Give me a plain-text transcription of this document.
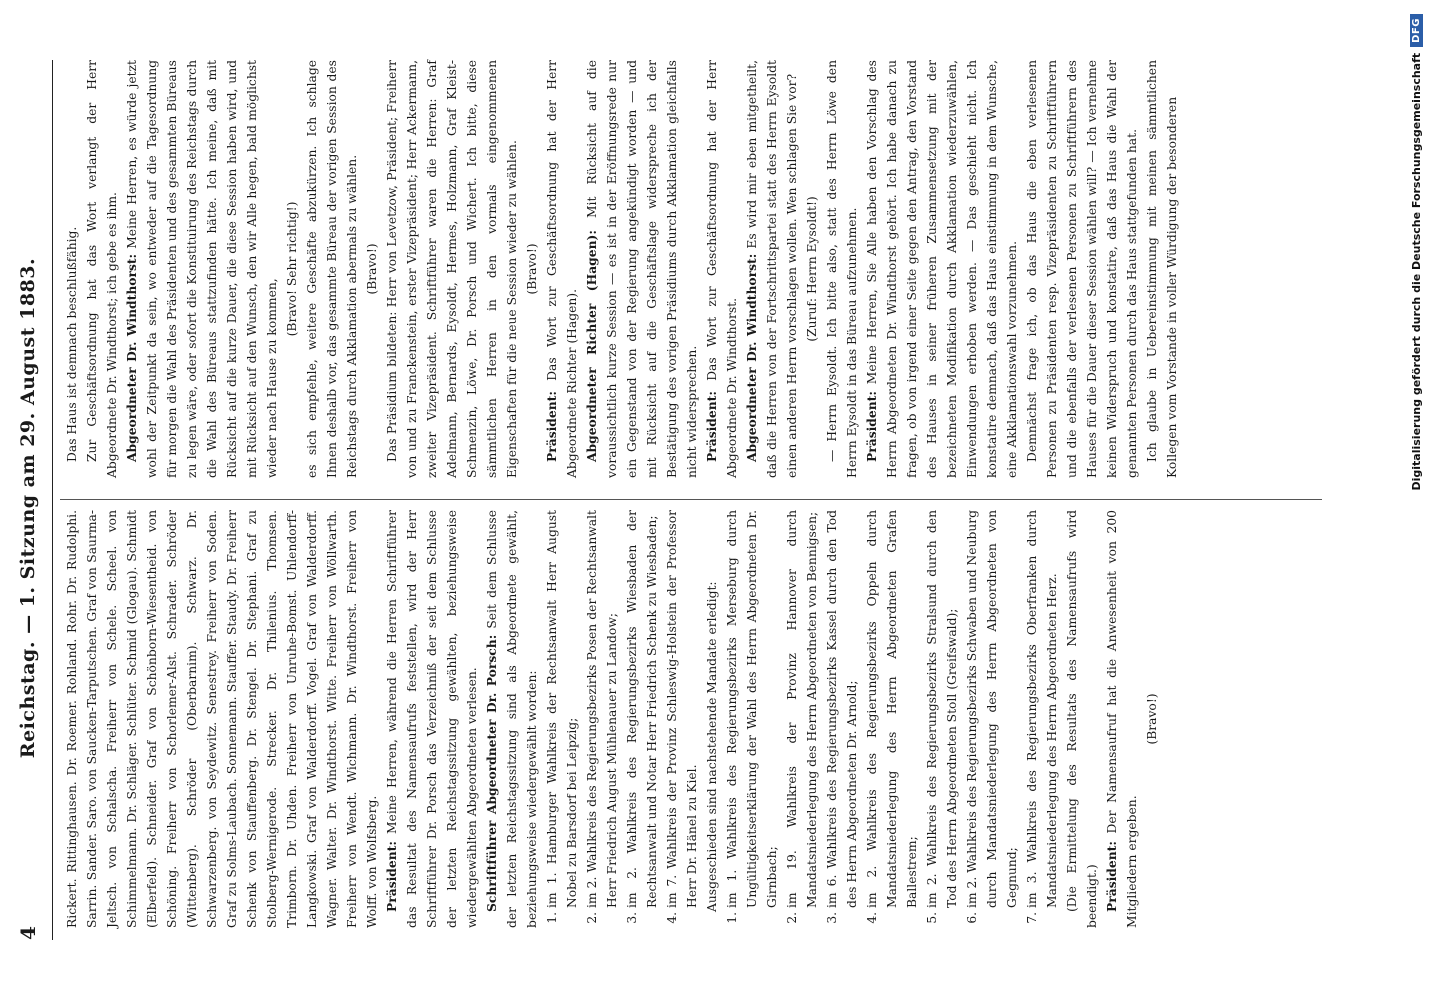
4
Reichstag. — 1. Sitzung am 29. August 1883. Rickert. Rittinghausen. Dr. Roemer. Rohland. Rohr. Dr. Rudolphi. Sarrin. Sander. Saro. von Saucken-Tarputschen. Graf von Saurma-Jeltsch. von Schalscha. Freiherr von Schele. Scheel. von Schimmelmann. Dr. Schläger. Schlüter. Schmid (Glogau). Schmidt (Elberfeld). Schneider. Graf von Schönborn-Wiesentheid. von Schöning. Freiherr von Schorlemer-Alst. Schrader. Schröder (Wittenberg). Schröder (Oberbarnim). Schwarz. Dr. Schwarzenberg. von Seydewitz. Senestrey. Freiherr von Soden. Graf zu Solms-Laubach. Sonnemann. Stauffer. Staudy. Dr. Freiherr Schenk von Stauffenberg. Dr. Stengel. Dr. Stephani. Graf zu Stolberg-Wernigerode. Strecker. Dr. Thilenius. Thomsen. Trimborn. Dr. Uhden. Freiherr von Unruhe-Bomst. Uhlendorff-Langkowski. Graf von Walderdorff. Vogel. Graf von Walderdorff. Wagner. Walter. Dr. Windthorst. Witte. Freiherr von Wöllwarth. Freiherr von Wendt. Wichmann. Dr. Windthorst. Freiherr von Wolff. von Wolfsberg. Präsident: Meine Herren, während die Herren Schriftführer das Resultat des Namensaufrufs feststellen, wird der Herr Schriftführer Dr. Porsch das Verzeichniß der seit dem Schlusse der letzten Reichstagssitzung gewählten, beziehungsweise wiedergewählten Abgeordneten verlesen. Schriftführer Abgeordneter Dr. Porsch: Seit dem Schlusse der letzten Reichstagssitzung sind als Abgeordnete gewählt, beziehungsweise wiedergewählt worden: 1. im 1. Hamburger Wahlkreis der Rechtsanwalt Herr August Nobel zu Barsdorf bei Leipzig; 2. im 2. Wahlkreis des Regierungsbezirks Posen der Rechtsanwalt Herr Friedrich August Mühlenauer zu Landow; 3. im 2. Wahlkreis des Regierungsbezirks Wiesbaden der Rechtsanwalt und Notar Herr Friedrich Schenk zu Wiesbaden; 4. im 7. Wahlkreis der Provinz Schleswig-Holstein der Professor Herr Dr. Hänel zu Kiel. Ausgeschieden sind nachstehende Mandate erledigt: 1. im 1. Wahlkreis des Regierungsbezirks Merseburg durch Ungültigkeitserklärung der Wahl des Herrn Abgeordneten Dr. Girnbach; 2. im 19. Wahlkreis der Provinz Hannover durch Mandatsniederlegung des Herrn Abgeordneten von Bennigsen; 3. im 6. Wahlkreis des Regierungsbezirks Kassel durch den Tod des Herrn Abgeordneten Dr. Arnold; 4. im 2. Wahlkreis des Regierungsbezirks Oppeln durch Mandatsniederlegung des Herrn Abgeordneten Grafen Ballestrem; 5. im 2. Wahlkreis des Regierungsbezirks Stralsund durch den Tod des Herrn Abgeordneten Stoll (Greifswald); 6. im 2. Wahlkreis des Regierungsbezirks Schwaben und Neuburg durch Mandatsniederlegung des Herrn Abgeordneten von Gegnund; 7. im 3. Wahlkreis des Regierungsbezirks Oberfranken durch Mandatsniederlegung des Herrn Abgeordneten Herz. (Die Ermittelung des Resultats des Namensaufrufs wird beendigt.) Präsident: Der Namensaufruf hat die Anwesenheit von 200 Mitgliedern ergeben.

(Bravo!)

Das Haus ist demnach beschlußfähig. Zur Geschäftsordnung hat das Wort verlangt der Herr Abgeordnete Dr. Windthorst; ich gebe es ihm. Abgeordneter Dr. Windthorst: Meine Herren, es würde jetzt wohl der Zeitpunkt da sein, wo entweder auf die Tagesordnung für morgen die Wahl des Präsidenten und des gesammten Büreaus zu legen wäre, oder sofort die Konstituirung des Reichstags durch die Wahl des Büreaus stattzufinden hätte. Ich meine, daß mit Rücksicht auf die kurze Dauer, die diese Session haben wird, und mit Rücksicht auf den Wunsch, den wir Alle hegen, bald möglichst wieder nach Hause zu kommen,

(Bravo! Sehr richtig!) es sich empfehle, weitere Geschäfte abzukürzen. Ich schlage Ihnen deshalb vor, das gesammte Büreau der vorigen Session des Reichstags durch Akklamation abermals zu wählen. (Bravo!) Das Präsidium bildeten: Herr von Levetzow, Präsident; Freiherr von und zu Franckenstein, erster Vizepräsident; Herr Ackermann, zweiter Vizepräsident. Schriftführer waren die Herren: Graf Adelmann, Bernards, Eysoldt, Hermes, Holzmann, Graf Kleist-Schmenzin, Löwe, Dr. Porsch und Wichert. Ich bitte, diese sämmtlichen Herren in den vormals eingenommenen Eigenschaften für die neue Session wieder zu wählen. (Bravo!)

Präsident: Das Wort zur Geschäftsordnung hat der Herr Abgeordnete Richter (Hagen). Abgeordneter Richter (Hagen): Mit Rücksicht auf die voraussichtlich kurze Session — es ist in der Eröffnungsrede nur ein Gegenstand von der Regierung angekündigt worden — und mit Rücksicht auf die Geschäftslage widerspreche ich der Bestätigung des vorigen Präsidiums durch Akklamation gleichfalls nicht widersprechen. Präsident: Das Wort zur Geschäftsordnung hat der Herr Abgeordnete Dr. Windthorst. Abgeordneter Dr. Windthorst: Es wird mir eben mitgetheilt, daß die Herren von der Fortschrittspartei statt des Herrn Eysoldt einen anderen Herrn vorschlagen wollen. Wen schlagen Sie vor? (Zuruf: Herrn Eysoldt!) — Herrn Eysoldt. Ich bitte also, statt des Herrn Löwe den Herrn Eysoldt in das Büreau aufzunehmen. Präsident: Meine Herren, Sie Alle haben den Vorschlag des Herrn Abgeordneten Dr. Windthorst gehört. Ich habe danach zu fragen, ob von irgend einer Seite gegen den Antrag, den Vorstand des Hauses in seiner früheren Zusammensetzung mit der bezeichneten Modifikation durch Akklamation wiederzuwählen, Einwendungen erhoben werden. — Das geschieht nicht. Ich konstatire demnach, daß das Haus einstimmung in dem Wunsche, eine Akklamationswahl vorzunehmen. Demnächst frage ich, ob das Haus die eben verlesenen Personen zu Präsidenten resp. Vizepräsidenten zu Schriftführern und die ebenfalls der verlesenen Personen zu Schriftführern des Hauses für die Dauer dieser Session wählen will? — Ich vernehme keinen Widerspruch und konstatire, daß das Haus die Wahl der genannten Personen durch das Haus stattgefunden hat. Ich glaube in Uebereinstimmung mit meinen sämmtlichen Kollegen vom Vorstande in voller Würdigung der besonderen	Digitalisierung gefördert durch die Deutsche Forschungsgemeinschaft
DFG
